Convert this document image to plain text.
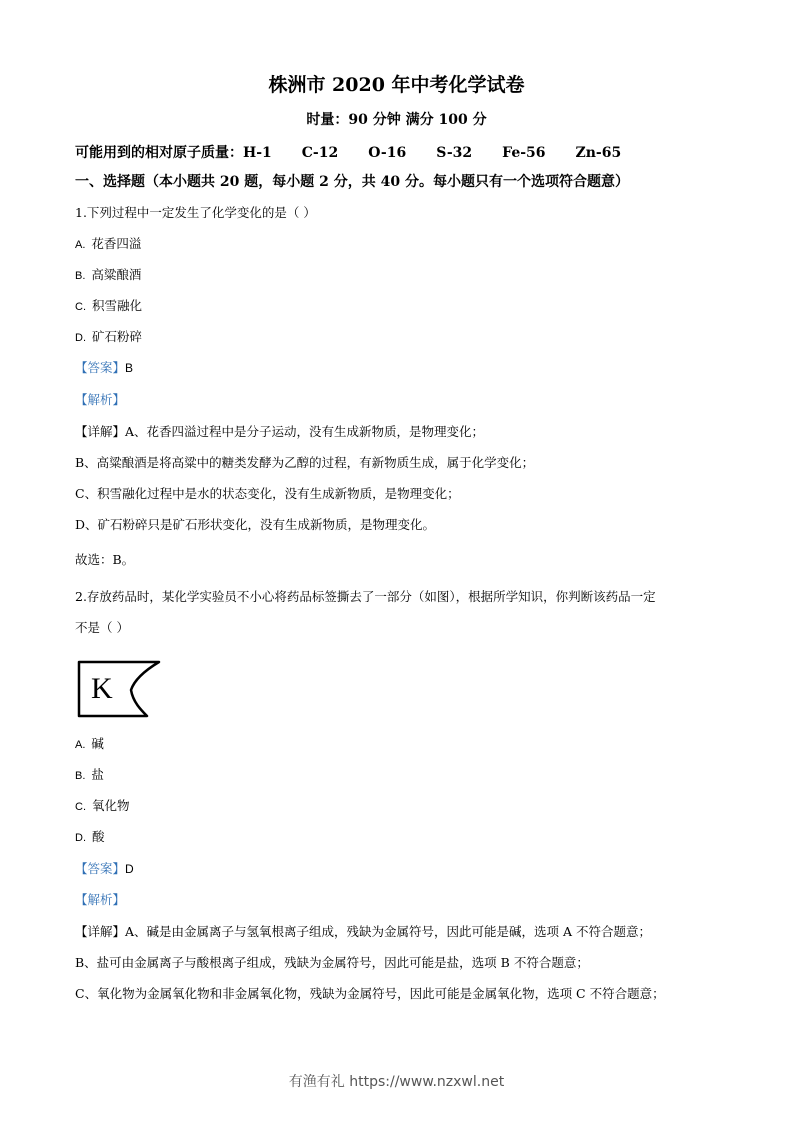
株洲市 2020 年中考化学试卷
时量：90 分钟 满分 100 分
可能用到的相对原子质量：H-1 C-12 O-16 S-32 Fe-56 Zn-65
一、选择题（本小题共 20 题，每小题 2 分，共 40 分。每小题只有一个选项符合题意）
1.下列过程中一定发生了化学变化的是（ ）
A. 花香四溢
B. 高粱酿酒
C. 积雪融化
D. 矿石粉碎
【答案】B
【解析】
【详解】A、花香四溢过程中是分子运动，没有生成新物质，是物理变化；
B、高粱酿酒是将高粱中的糖类发酵为乙醇的过程，有新物质生成，属于化学变化；
C、积雪融化过程中是水的状态变化，没有生成新物质，是物理变化；
D、矿石粉碎只是矿石形状变化，没有生成新物质，是物理变化。
故选：B。
2.存放药品时，某化学实验员不小心将药品标签撕去了一部分（如图），根据所学知识，你判断该药品一定
不是（ ）
K
A. 碱
B. 盐
C. 氧化物
D. 酸
【答案】D
【解析】
【详解】A、碱是由金属离子与氢氧根离子组成，残缺为金属符号，因此可能是碱，选项 A 不符合题意；
B、盐可由金属离子与酸根离子组成，残缺为金属符号，因此可能是盐，选项 B 不符合题意；
C、氧化物为金属氧化物和非金属氧化物，残缺为金属符号，因此可能是金属氧化物，选项 C 不符合题意；
有渔有礼 https://www.nzxwl.net
